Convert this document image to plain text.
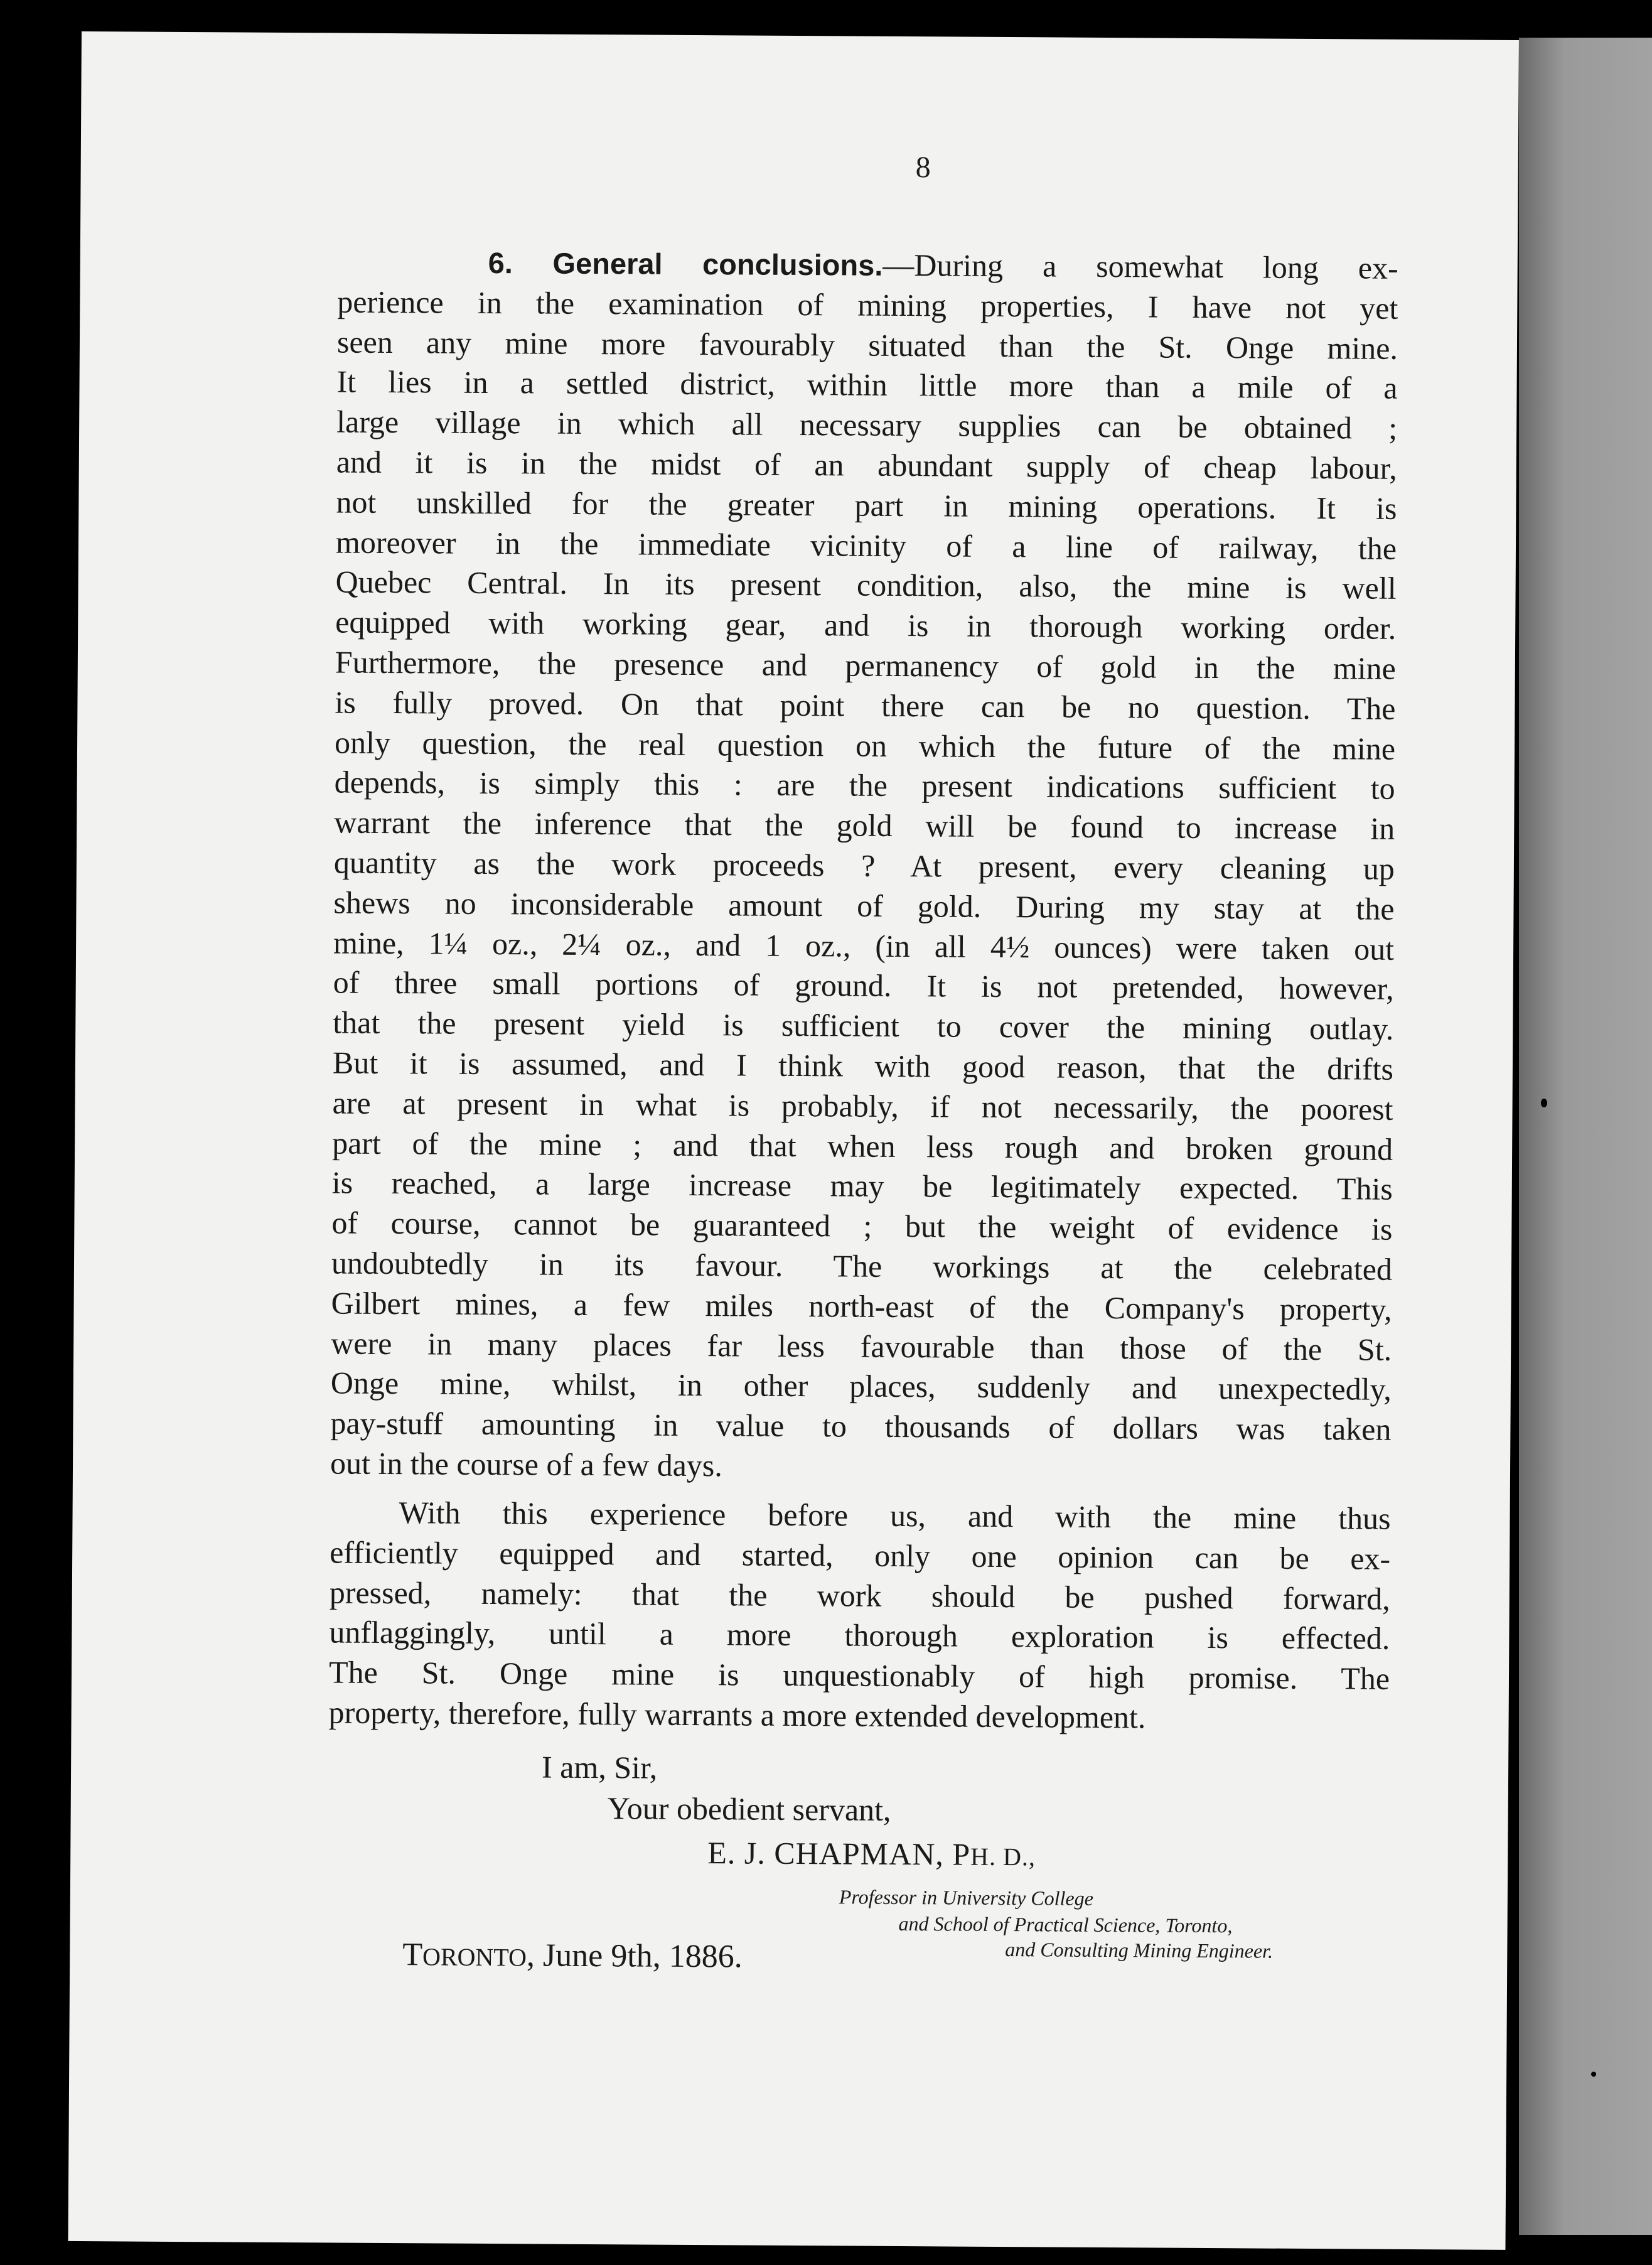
8
6. General conclusions.—During a somewhat long ex-
perience in the examination of mining properties, I have not yet
seen any mine more favourably situated than the St. Onge mine.
It lies in a settled district, within little more than a mile of a
large village in which all necessary supplies can be obtained ;
and it is in the midst of an abundant supply of cheap labour,
not unskilled for the greater part in mining operations. It is
moreover in the immediate vicinity of a line of railway, the
Quebec Central. In its present condition, also, the mine is well
equipped with working gear, and is in thorough working order.
Furthermore, the presence and permanency of gold in the mine
is fully proved. On that point there can be no question. The
only question, the real question on which the future of the mine
depends, is simply this : are the present indications sufficient to
warrant the inference that the gold will be found to increase in
quantity as the work proceeds ? At present, every cleaning up
shews no inconsiderable amount of gold. During my stay at the
mine, 1¼ oz., 2¼ oz., and 1 oz., (in all 4½ ounces) were taken out
of three small portions of ground. It is not pretended, however,
that the present yield is sufficient to cover the mining outlay.
But it is assumed, and I think with good reason, that the drifts
are at present in what is probably, if not necessarily, the poorest
part of the mine ; and that when less rough and broken ground
is reached, a large increase may be legitimately expected. This
of course, cannot be guaranteed ; but the weight of evidence is
undoubtedly in its favour. The workings at the celebrated
Gilbert mines, a few miles north-east of the Company's property,
were in many places far less favourable than those of the St.
Onge mine, whilst, in other places, suddenly and unexpectedly,
pay-stuff amounting in value to thousands of dollars was taken
out in the course of a few days.
With this experience before us, and with the mine thus
efficiently equipped and started, only one opinion can be ex-
pressed, namely: that the work should be pushed forward,
unflaggingly, until a more thorough exploration is effected.
The St. Onge mine is unquestionably of high promise. The
property, therefore, fully warrants a more extended development.
I am, Sir,
Your obedient servant,
E. J. CHAPMAN, PH. D.,
Professor in University College
and School of Practical Science, Toronto,
and Consulting Mining Engineer.
TORONTO, June 9th, 1886.
